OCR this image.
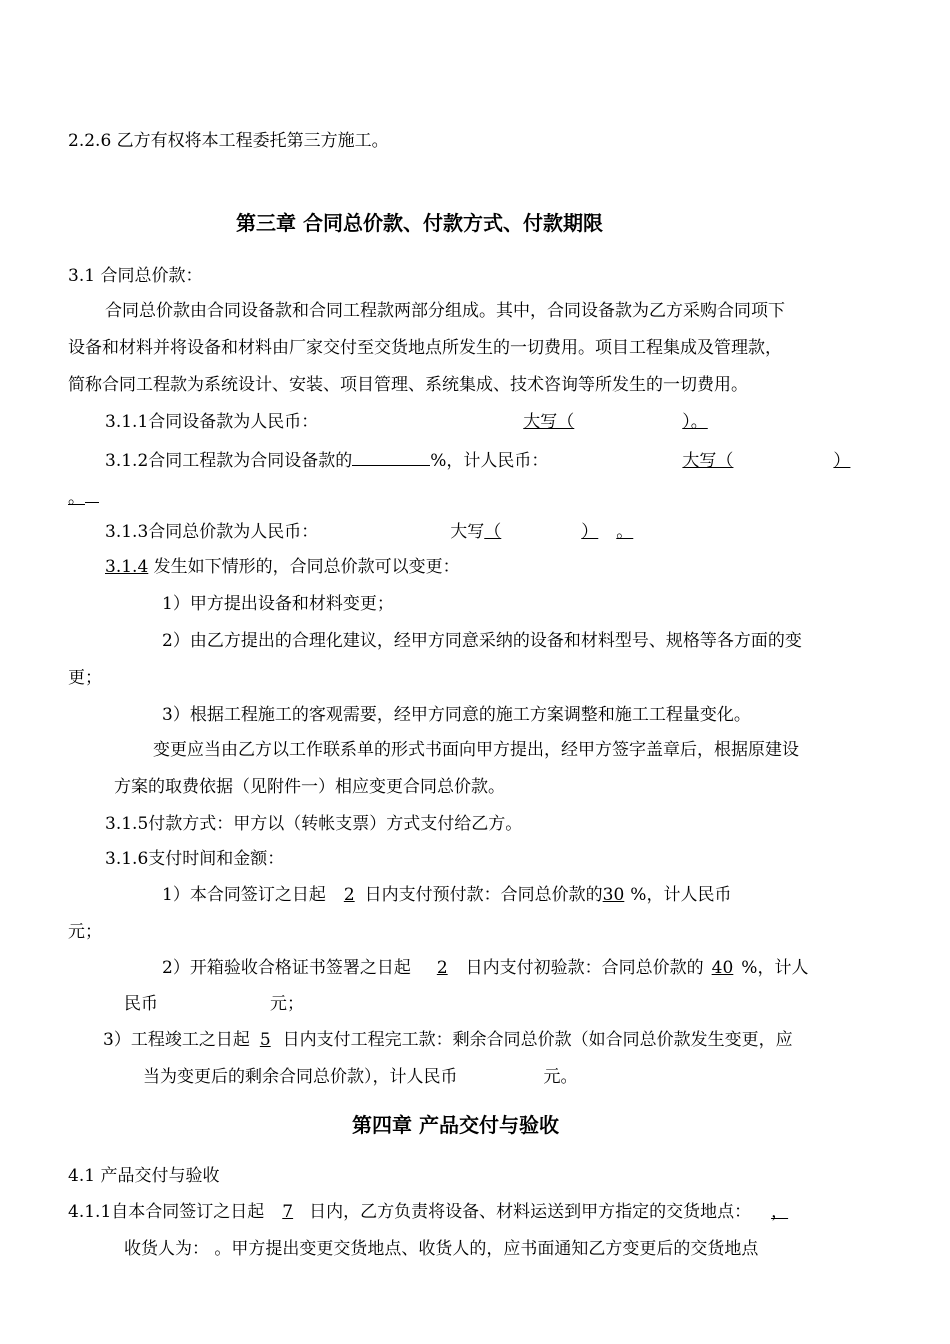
2.2.6 乙方有权将本工程委托第三方施工。
第三章 合同总价款、付款方式、付款期限
3.1 合同总价款：
合同总价款由合同设备款和合同工程款两部分组成。其中，合同设备款为乙方采购合同项下
设备和材料并将设备和材料由厂家交付至交货地点所发生的一切费用。项目工程集成及管理款，
简称合同工程款为系统设计、安装、项目管理、系统集成、技术咨询等所发生的一切费用。
3.1.1合同设备款为人民币：	大写（	）。
3.1.2合同工程款为合同设备款的	%，计人民币：	大写（	）
。
3.1.3合同总价款为人民币：	大写（	） 。
3.1.4 发生如下情形的，合同总价款可以变更：
1）甲方提出设备和材料变更；
2）由乙方提出的合理化建议，经甲方同意采纳的设备和材料型号、规格等各方面的变
更；
3）根据工程施工的客观需要，经甲方同意的施工方案调整和施工工程量变化。
变更应当由乙方以工作联系单的形式书面向甲方提出，经甲方签字盖章后，根据原建设
方案的取费依据（见附件一）相应变更合同总价款。
3.1.5付款方式：甲方以（转帐支票）方式支付给乙方。
3.1.6支付时间和金额：
1）本合同签订之日起 2 日内支付预付款：合同总价款的30 %，计人民币
元；
2）开箱验收合格证书签署之日起 2 日内支付初验款：合同总价款的 40 %，计人
民币	元；
3）工程竣工之日起 5 日内支付工程完工款：剩余合同总价款（如合同总价款发生变更，应
当为变更后的剩余合同总价款），计人民币	元。
第四章 产品交付与验收
4.1 产品交付与验收
4.1.1自本合同签订之日起 7 日内，乙方负责将设备、材料运送到甲方指定的交货地点： ，
收货人为： 。甲方提出变更交货地点、收货人的，应书面通知乙方变更后的交货地点
